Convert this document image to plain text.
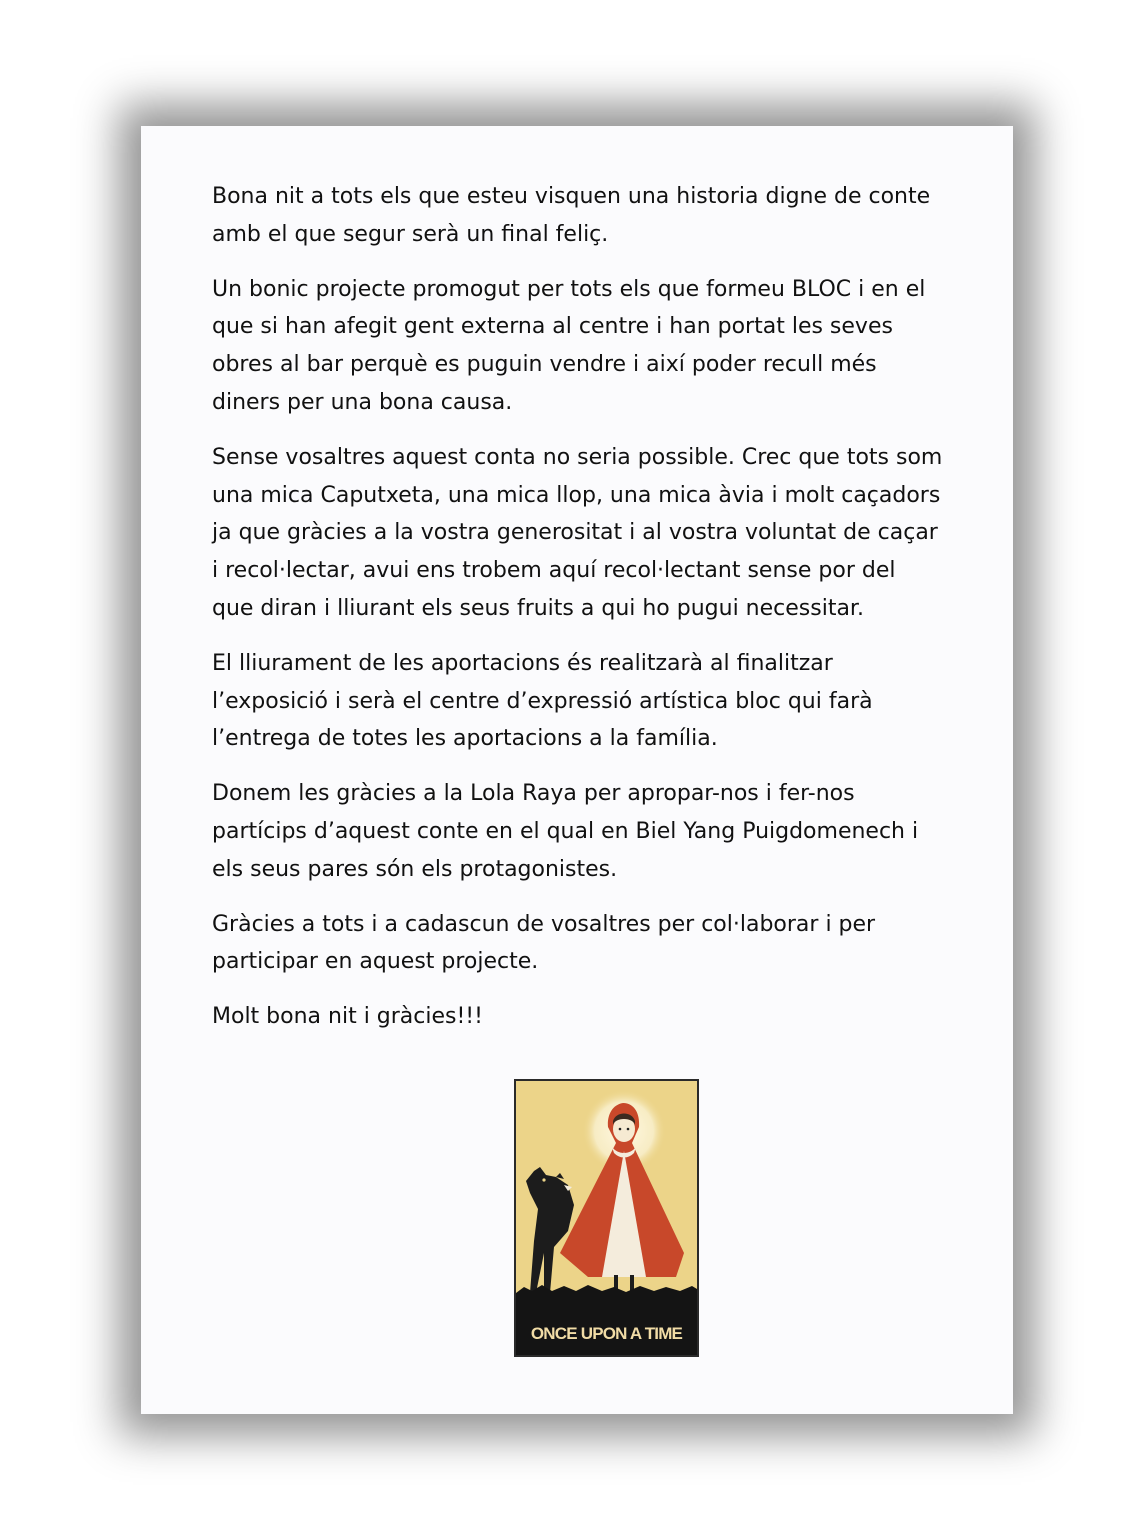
Bona nit a tots els que esteu visquen una historia digne de conte
amb el que segur serà un final feliç.

Un bonic projecte promogut per tots els que formeu BLOC i en el
que si han afegit gent externa al centre i han portat les seves
obres al bar perquè es puguin vendre i així poder recull més
diners per una bona causa.

Sense vosaltres aquest conta no seria possible. Crec que tots som
una mica Caputxeta, una mica llop, una mica àvia i molt caçadors
ja que gràcies a la vostra generositat i al vostra voluntat de caçar
i recol·lectar, avui ens trobem aquí recol·lectant sense por del
que diran i lliurant els seus fruits a qui ho pugui necessitar.

El lliurament de les aportacions és realitzarà al finalitzar
l’exposició i serà el centre d’expressió artística bloc qui farà
l’entrega de totes les aportacions a la família.

Donem les gràcies a la Lola Raya per apropar-nos i fer-nos
partícips d’aquest conte en el qual en Biel Yang Puigdomenech i
els seus pares són els protagonistes.

Gràcies a tots i a cadascun de vosaltres per col·laborar i per
participar en aquest projecte.

Molt bona nit i gràcies!!!

ONCE UPON A TIME
